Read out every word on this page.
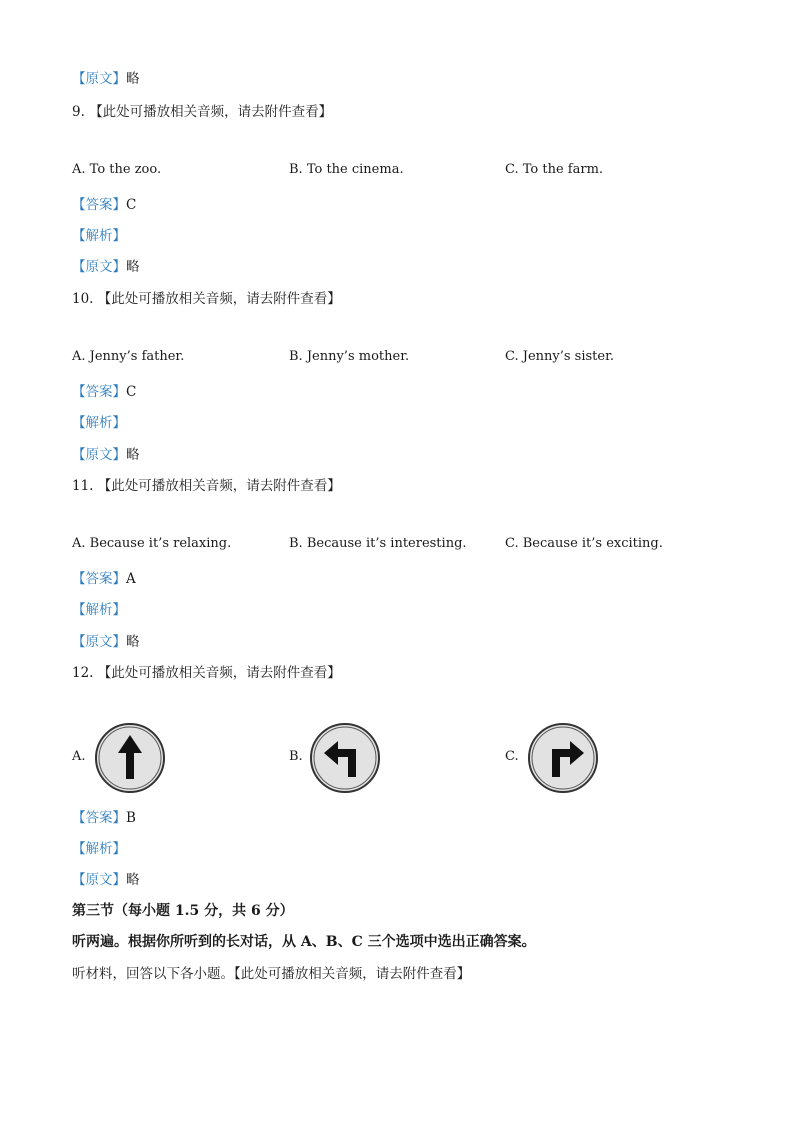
【原文】略
9. 【此处可播放相关音频，请去附件查看】
A. To the zoo.	B. To the cinema.	C. To the farm.
【答案】C
【解析】
【原文】略
10. 【此处可播放相关音频，请去附件查看】
A. Jenny’s father.	B. Jenny’s mother.	C. Jenny’s sister.
【答案】C
【解析】
【原文】略
11. 【此处可播放相关音频，请去附件查看】
A. Because it’s relaxing.	B. Because it’s interesting.	C. Because it’s exciting.
【答案】A
【解析】
【原文】略
12. 【此处可播放相关音频，请去附件查看】
A.	B.	C.
【答案】B
【解析】
【原文】略
第三节（每小题 1.5 分，共 6 分）
听两遍。根据你所听到的长对话，从 A、B、C 三个选项中选出正确答案。
听材料，回答以下各小题。【此处可播放相关音频，请去附件查看】
